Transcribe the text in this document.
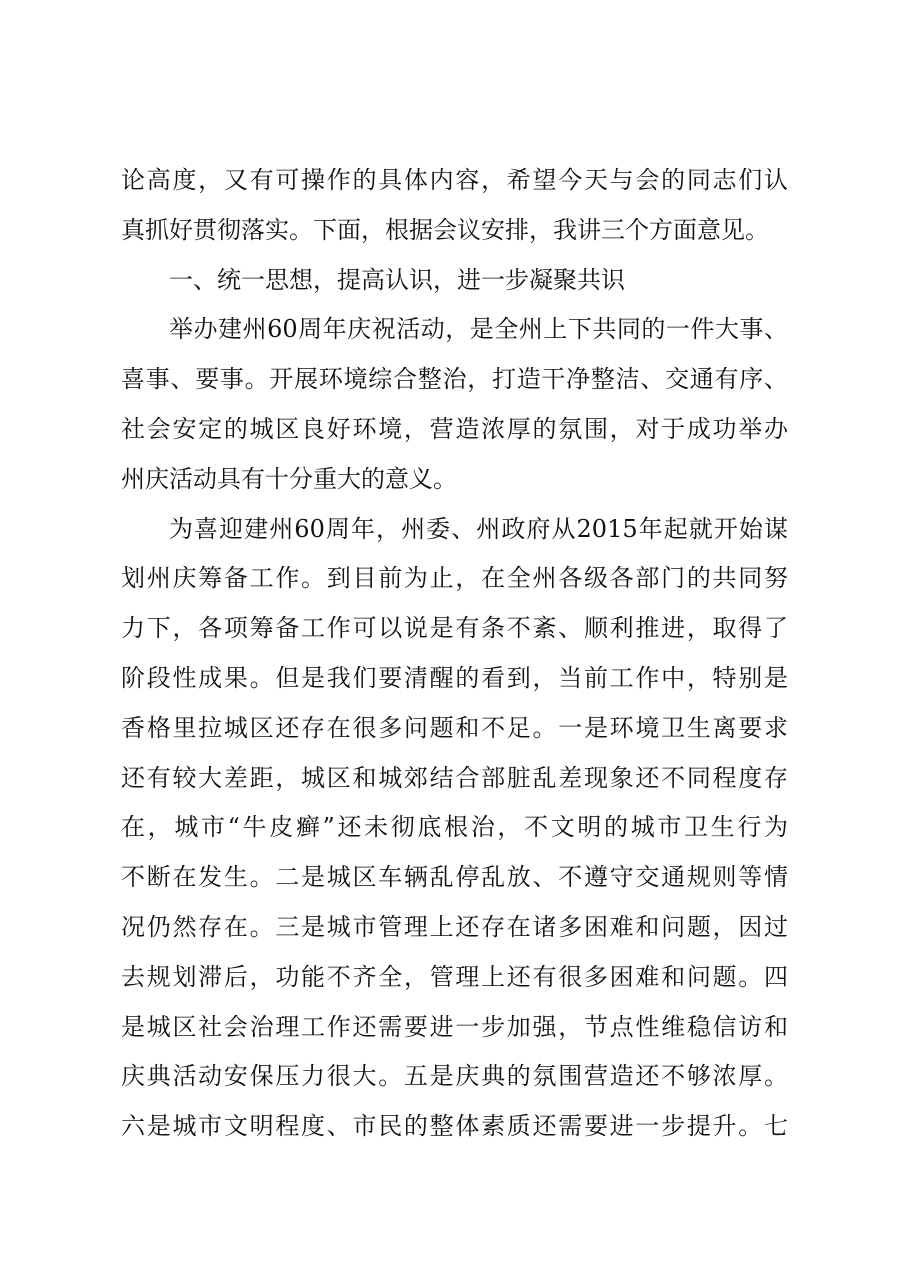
论高度，又有可操作的具体内容，希望今天与会的同志们认
真抓好贯彻落实。下面，根据会议安排，我讲三个方面意见。
一、统一思想，提高认识，进一步凝聚共识
举办建州60周年庆祝活动，是全州上下共同的一件大事、
喜事、要事。开展环境综合整治，打造干净整洁、交通有序、
社会安定的城区良好环境，营造浓厚的氛围，对于成功举办
州庆活动具有十分重大的意义。
为喜迎建州60周年，州委、州政府从2015年起就开始谋
划州庆筹备工作。到目前为止，在全州各级各部门的共同努
力下，各项筹备工作可以说是有条不紊、顺利推进，取得了
阶段性成果。但是我们要清醒的看到，当前工作中，特别是
香格里拉城区还存在很多问题和不足。一是环境卫生离要求
还有较大差距，城区和城郊结合部脏乱差现象还不同程度存
在，城市“牛皮癣”还未彻底根治，不文明的城市卫生行为
不断在发生。二是城区车辆乱停乱放、不遵守交通规则等情
况仍然存在。三是城市管理上还存在诸多困难和问题，因过
去规划滞后，功能不齐全，管理上还有很多困难和问题。四
是城区社会治理工作还需要进一步加强，节点性维稳信访和
庆典活动安保压力很大。五是庆典的氛围营造还不够浓厚。
六是城市文明程度、市民的整体素质还需要进一步提升。七
